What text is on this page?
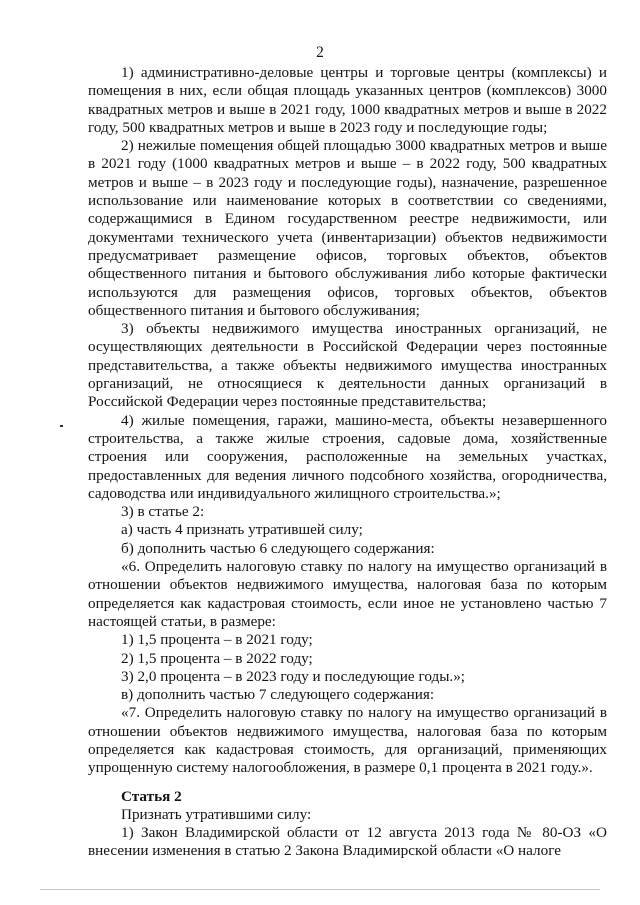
2

1) административно-деловые центры и торговые центры (комплексы) и помещения в них, если общая площадь указанных центров (комплексов) 3000 квадратных метров и выше в 2021 году, 1000 квадратных метров и выше в 2022 году, 500 квадратных метров и выше в 2023 году и последующие годы;

2) нежилые помещения общей площадью 3000 квадратных метров и выше в 2021 году (1000 квадратных метров и выше – в 2022 году, 500 квадратных метров и выше – в 2023 году и последующие годы), назначение, разрешенное использование или наименование которых в соответствии со сведениями, содержащимися в Едином государственном реестре недвижимости, или документами технического учета (инвентаризации) объектов недвижимости предусматривает размещение офисов, торговых объектов, объектов общественного питания и бытового обслуживания либо которые фактически используются для размещения офисов, торговых объектов, объектов общественного питания и бытового обслуживания;

3) объекты недвижимого имущества иностранных организаций, не осуществляющих деятельности в Российской Федерации через постоянные представительства, а также объекты недвижимого имущества иностранных организаций, не относящиеся к деятельности данных организаций в Российской Федерации через постоянные представительства;

4) жилые помещения, гаражи, машино-места, объекты незавершенного строительства, а также жилые строения, садовые дома, хозяйственные строения или сооружения, расположенные на земельных участках, предоставленных для ведения личного подсобного хозяйства, огородничества, садоводства или индивидуального жилищного строительства.»;

3) в статье 2:

а) часть 4 признать утратившей силу;

б) дополнить частью 6 следующего содержания:

«6. Определить налоговую ставку по налогу на имущество организаций в отношении объектов недвижимого имущества, налоговая база по которым определяется как кадастровая стоимость, если иное не установлено частью 7 настоящей статьи, в размере:

1) 1,5 процента – в 2021 году;

2) 1,5 процента – в 2022 году;

3) 2,0 процента – в 2023 году и последующие годы.»;

в) дополнить частью 7 следующего содержания:

«7. Определить налоговую ставку по налогу на имущество организаций в отношении объектов недвижимого имущества, налоговая база по которым определяется как кадастровая стоимость, для организаций, применяющих упрощенную систему налогообложения, в размере 0,1 процента в 2021 году.».

Статья 2

Признать утратившими силу:

1) Закон Владимирской области от 12 августа 2013 года № 80-ОЗ «О внесении изменения в статью 2 Закона Владимирской области «О налоге
